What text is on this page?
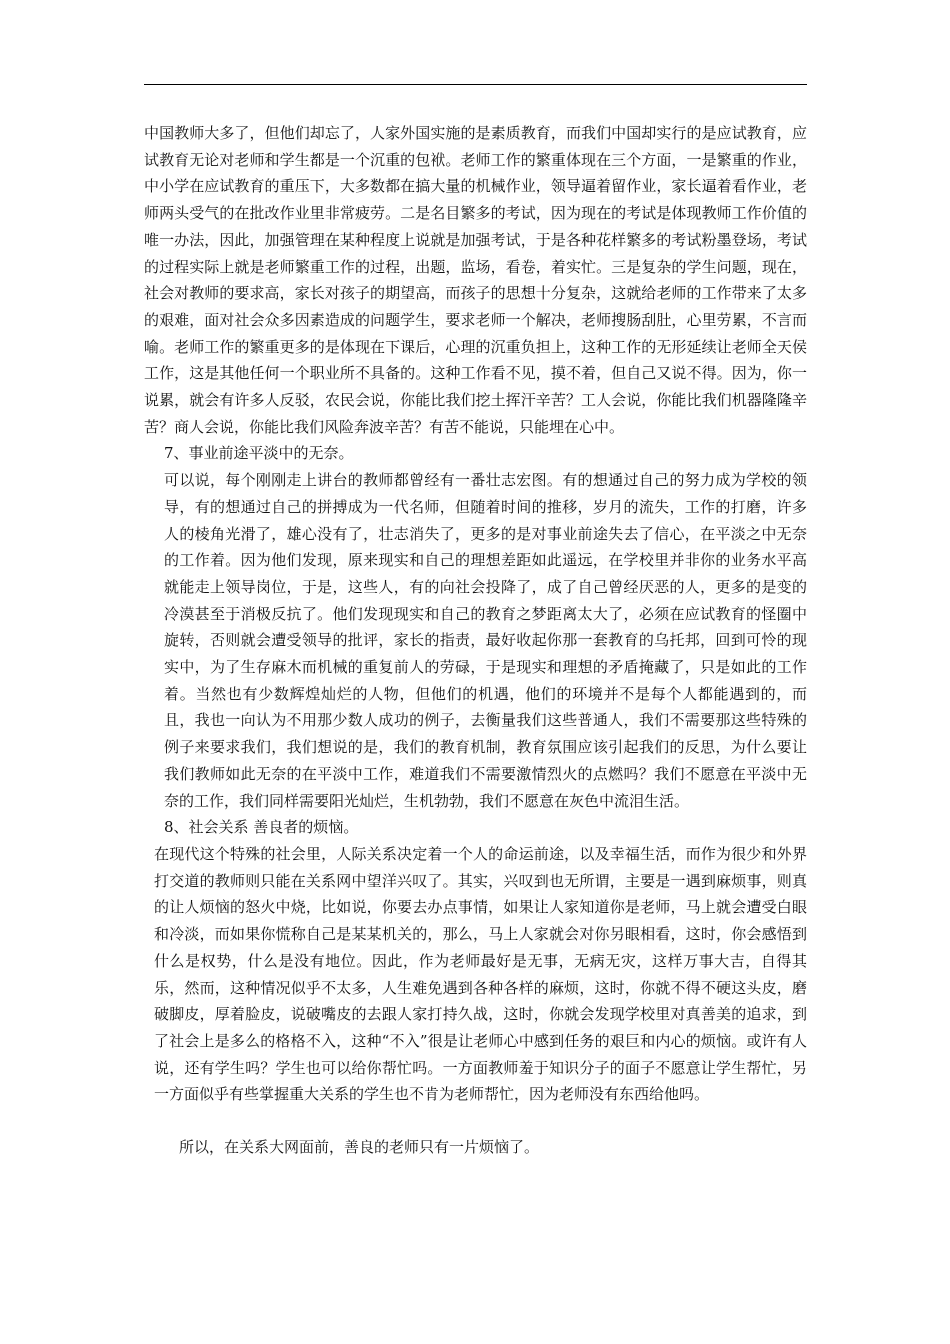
中国教师大多了，但他们却忘了，人家外国实施的是素质教育，而我们中国却实行的是应试教育，应试教育无论对老师和学生都是一个沉重的包袱。老师工作的繁重体现在三个方面，一是繁重的作业，中小学在应试教育的重压下，大多数都在搞大量的机械作业，领导逼着留作业，家长逼着看作业，老师两头受气的在批改作业里非常疲劳。二是名目繁多的考试，因为现在的考试是体现教师工作价值的唯一办法，因此，加强管理在某种程度上说就是加强考试，于是各种花样繁多的考试粉墨登场，考试的过程实际上就是老师繁重工作的过程，出题，监场，看卷，着实忙。三是复杂的学生问题，现在，社会对教师的要求高，家长对孩子的期望高，而孩子的思想十分复杂，这就给老师的工作带来了太多的艰难，面对社会众多因素造成的问题学生，要求老师一个解决，老师搜肠刮肚，心里劳累，不言而喻。老师工作的繁重更多的是体现在下课后，心理的沉重负担上，这种工作的无形延续让老师全天侯工作，这是其他任何一个职业所不具备的。这种工作看不见，摸不着，但自己又说不得。因为，你一说累，就会有许多人反驳，农民会说，你能比我们挖土挥汗辛苦？工人会说，你能比我们机器隆隆辛苦？商人会说，你能比我们风险奔波辛苦？有苦不能说，只能埋在心中。

7、事业前途平淡中的无奈。

可以说，每个刚刚走上讲台的教师都曾经有一番壮志宏图。有的想通过自己的努力成为学校的领导，有的想通过自己的拼搏成为一代名师，但随着时间的推移，岁月的流失，工作的打磨，许多人的棱角光滑了，雄心没有了，壮志消失了，更多的是对事业前途失去了信心，在平淡之中无奈的工作着。因为他们发现，原来现实和自己的理想差距如此遥远，在学校里并非你的业务水平高就能走上领导岗位，于是，这些人，有的向社会投降了，成了自己曾经厌恶的人，更多的是变的冷漠甚至于消极反抗了。他们发现现实和自己的教育之梦距离太大了，必须在应试教育的怪圈中旋转，否则就会遭受领导的批评，家长的指责，最好收起你那一套教育的乌托邦，回到可怜的现实中，为了生存麻木而机械的重复前人的劳碌，于是现实和理想的矛盾掩藏了，只是如此的工作着。当然也有少数辉煌灿烂的人物，但他们的机遇，他们的环境并不是每个人都能遇到的，而且，我也一向认为不用那少数人成功的例子，去衡量我们这些普通人，我们不需要那这些特殊的例子来要求我们，我们想说的是，我们的教育机制，教育氛围应该引起我们的反思，为什么要让我们教师如此无奈的在平淡中工作，难道我们不需要激情烈火的点燃吗？我们不愿意在平淡中无奈的工作，我们同样需要阳光灿烂，生机勃勃，我们不愿意在灰色中流泪生活。

8、社会关系 善良者的烦恼。

在现代这个特殊的社会里，人际关系决定着一个人的命运前途，以及幸福生活，而作为很少和外界打交道的教师则只能在关系网中望洋兴叹了。其实，兴叹到也无所谓，主要是一遇到麻烦事，则真的让人烦恼的怒火中烧，比如说，你要去办点事情，如果让人家知道你是老师，马上就会遭受白眼和冷淡，而如果你慌称自己是某某机关的，那么，马上人家就会对你另眼相看，这时，你会感悟到什么是权势，什么是没有地位。因此，作为老师最好是无事，无病无灾，这样万事大吉，自得其乐，然而，这种情况似乎不太多，人生难免遇到各种各样的麻烦，这时，你就不得不硬这头皮，磨破脚皮，厚着脸皮，说破嘴皮的去跟人家打持久战，这时，你就会发现学校里对真善美的追求，到了社会上是多么的格格不入，这种“不入”很是让老师心中感到任务的艰巨和内心的烦恼。或许有人说，还有学生吗？学生也可以给你帮忙吗。一方面教师羞于知识分子的面子不愿意让学生帮忙，另一方面似乎有些掌握重大关系的学生也不肯为老师帮忙，因为老师没有东西给他吗。

所以，在关系大网面前，善良的老师只有一片烦恼了。
